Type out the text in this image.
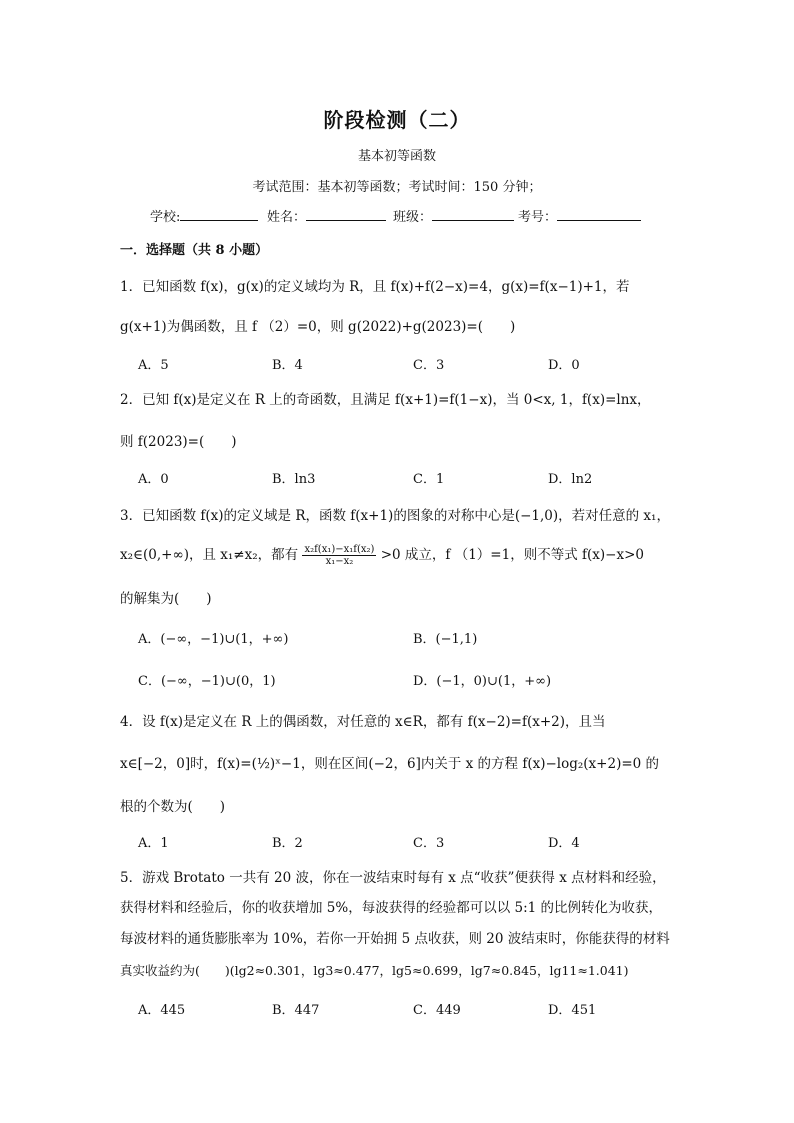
阶段检测（二）
基本初等函数
考试范围：基本初等函数；考试时间：150 分钟；
学校:	姓名：	班级：	考号：
一．选择题（共 8 小题）
1．已知函数 f(x)，g(x)的定义域均为 R，且 f(x)+f(2−x)=4，g(x)=f(x−1)+1，若
g(x+1)为偶函数，且 f （2）=0，则 g(2022)+g(2023)=(　　)
A．5	B．4	C．3	D．0
2．已知 f(x)是定义在 R 上的奇函数，且满足 f(x+1)=f(1−x)，当 0<x, 1，f(x)=lnx，
则 f(2023)=(　　)
A．0	B．ln3	C．1	D．ln2
3．已知函数 f(x)的定义域是 R，函数 f(x+1)的图象的对称中心是(−1,0)，若对任意的 x₁，
x₂∈(0,+∞)，且 x₁≠x₂，都有 $\frac{\text{x₂f(x₁)−x₁f(x₂)}}{\text{x₁−x₂}} >0$ 成立，f （1）=1，则不等式 f(x)−x>0
的解集为(　　)
A．(−∞，−1)∪(1，+∞)	B．(−1,1)
C．(−∞，−1)∪(0，1)	D．(−1，0)∪(1，+∞)
4．设 f(x)是定义在 R 上的偶函数，对任意的 x∈R，都有 f(x−2)=f(x+2)，且当
x∈[−2，0]时，f(x)=(½)ˣ−1，则在区间(−2，6]内关于 x 的方程 f(x)−log₂(x+2)=0 的
根的个数为(　　)
A．1	B．2	C．3	D．4
5．游戏 Brotato 一共有 20 波，你在一波结束时每有 x 点“收获”便获得 x 点材料和经验，
获得材料和经验后，你的收获增加 5%，每波获得的经验都可以以 5:1 的比例转化为收获，
每波材料的通货膨胀率为 10%，若你一开始拥 5 点收获，则 20 波结束时，你能获得的材料
真实收益约为(　　)(lg2≈0.301，lg3≈0.477，lg5≈0.699，lg7≈0.845，lg11≈1.041)
A．445	B．447	C．449	D．451
